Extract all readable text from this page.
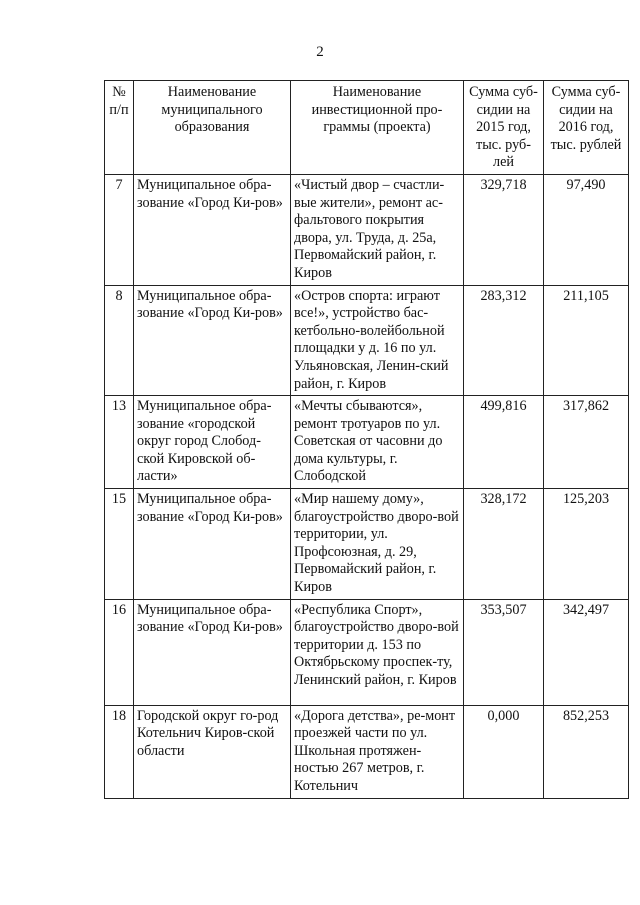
2
№ п/п	Наименование муниципального образования	Наименование инвестиционной про-граммы (проекта)	Сумма суб-сидии на 2015 год, тыс. руб-лей	Сумма суб-сидии на 2016 год, тыс. рублей
7	Муниципальное обра-зование «Город Ки-ров»	«Чистый двор – счастли-вые жители», ремонт ас-фальтового покрытия двора, ул. Труда, д. 25а, Первомайский район, г. Киров	329,718	97,490
8	Муниципальное обра-зование «Город Ки-ров»	«Остров спорта: играют все!», устройство бас-кетбольно-волейбольной площадки у д. 16 по ул. Ульяновская, Ленин-ский район, г. Киров	283,312	211,105
13	Муниципальное обра-зование «городской округ город Слобод-ской Кировской об-ласти»	«Мечты сбываются», ремонт тротуаров по ул. Советская от часовни до дома культуры, г. Слободской	499,816	317,862
15	Муниципальное обра-зование «Город Ки-ров»	«Мир нашему дому», благоустройство дворо-вой территории, ул. Профсоюзная, д. 29, Первомайский район, г. Киров	328,172	125,203
16	Муниципальное обра-зование «Город Ки-ров»	«Республика Спорт», благоустройство дворо-вой территории д. 153 по Октябрьскому проспек-ту, Ленинский район, г. Киров	353,507	342,497
18	Городской округ го-род Котельнич Киров-ской области	«Дорога детства», ре-монт проезжей части по ул. Школьная протяжен-ностью 267 метров, г. Котельнич	0,000	852,253
